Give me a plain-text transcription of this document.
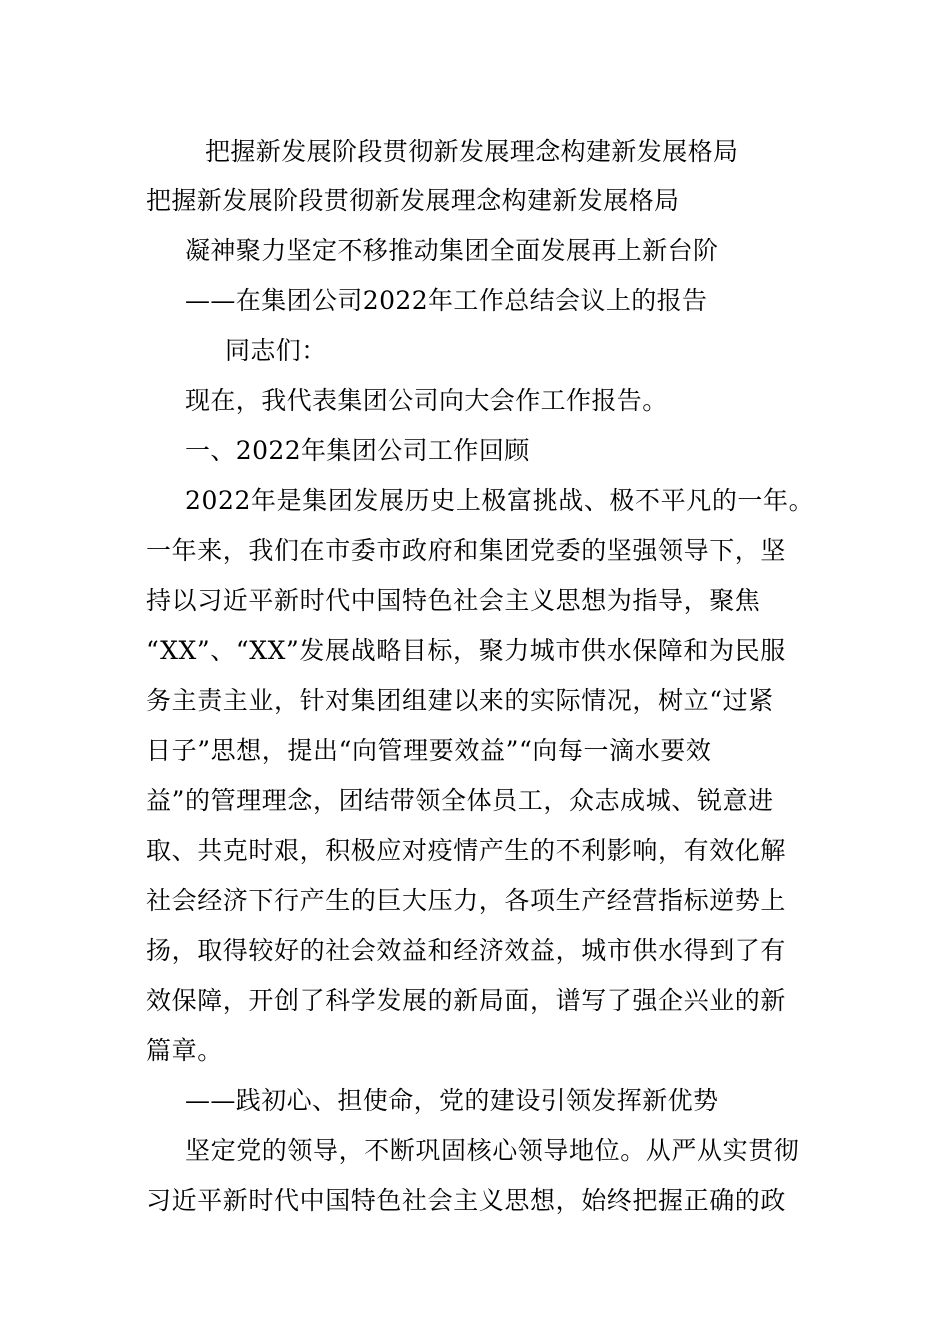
把握新发展阶段贯彻新发展理念构建新发展格局
把握新发展阶段贯彻新发展理念构建新发展格局
凝神聚力坚定不移推动集团全面发展再上新台阶
——在集团公司2022年工作总结会议上的报告
同志们：
现在，我代表集团公司向大会作工作报告。
一、2022年集团公司工作回顾
2022年是集团发展历史上极富挑战、极不平凡的一年。
一年来，我们在市委市政府和集团党委的坚强领导下，坚
持以习近平新时代中国特色社会主义思想为指导，聚焦
“XX”、“XX”发展战略目标，聚力城市供水保障和为民服
务主责主业，针对集团组建以来的实际情况，树立“过紧
日子”思想，提出“向管理要效益”“向每一滴水要效
益”的管理理念，团结带领全体员工，众志成城、锐意进
取、共克时艰，积极应对疫情产生的不利影响，有效化解
社会经济下行产生的巨大压力，各项生产经营指标逆势上
扬，取得较好的社会效益和经济效益，城市供水得到了有
效保障，开创了科学发展的新局面，谱写了强企兴业的新
篇章。
——践初心、担使命，党的建设引领发挥新优势
坚定党的领导，不断巩固核心领导地位。从严从实贯彻
习近平新时代中国特色社会主义思想，始终把握正确的政
